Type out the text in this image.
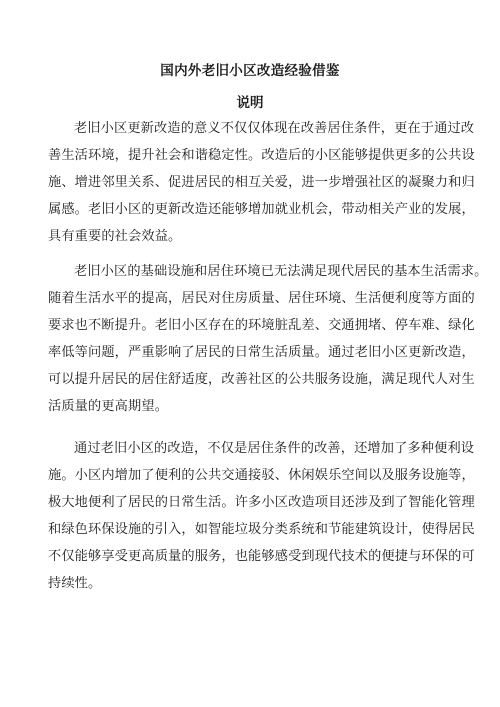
国内外老旧小区改造经验借鉴
说明
老旧小区更新改造的意义不仅仅体现在改善居住条件，更在于通过改
善生活环境，提升社会和谐稳定性。改造后的小区能够提供更多的公共设
施、增进邻里关系、促进居民的相互关爱，进一步增强社区的凝聚力和归
属感。老旧小区的更新改造还能够增加就业机会，带动相关产业的发展，
具有重要的社会效益。
老旧小区的基础设施和居住环境已无法满足现代居民的基本生活需求。
随着生活水平的提高，居民对住房质量、居住环境、生活便利度等方面的
要求也不断提升。老旧小区存在的环境脏乱差、交通拥堵、停车难、绿化
率低等问题，严重影响了居民的日常生活质量。通过老旧小区更新改造，
可以提升居民的居住舒适度，改善社区的公共服务设施，满足现代人对生
活质量的更高期望。
通过老旧小区的改造，不仅是居住条件的改善，还增加了多种便利设
施。小区内增加了便利的公共交通接驳、休闲娱乐空间以及服务设施等，
极大地便利了居民的日常生活。许多小区改造项目还涉及到了智能化管理
和绿色环保设施的引入，如智能垃圾分类系统和节能建筑设计，使得居民
不仅能够享受更高质量的服务，也能够感受到现代技术的便捷与环保的可
持续性。
